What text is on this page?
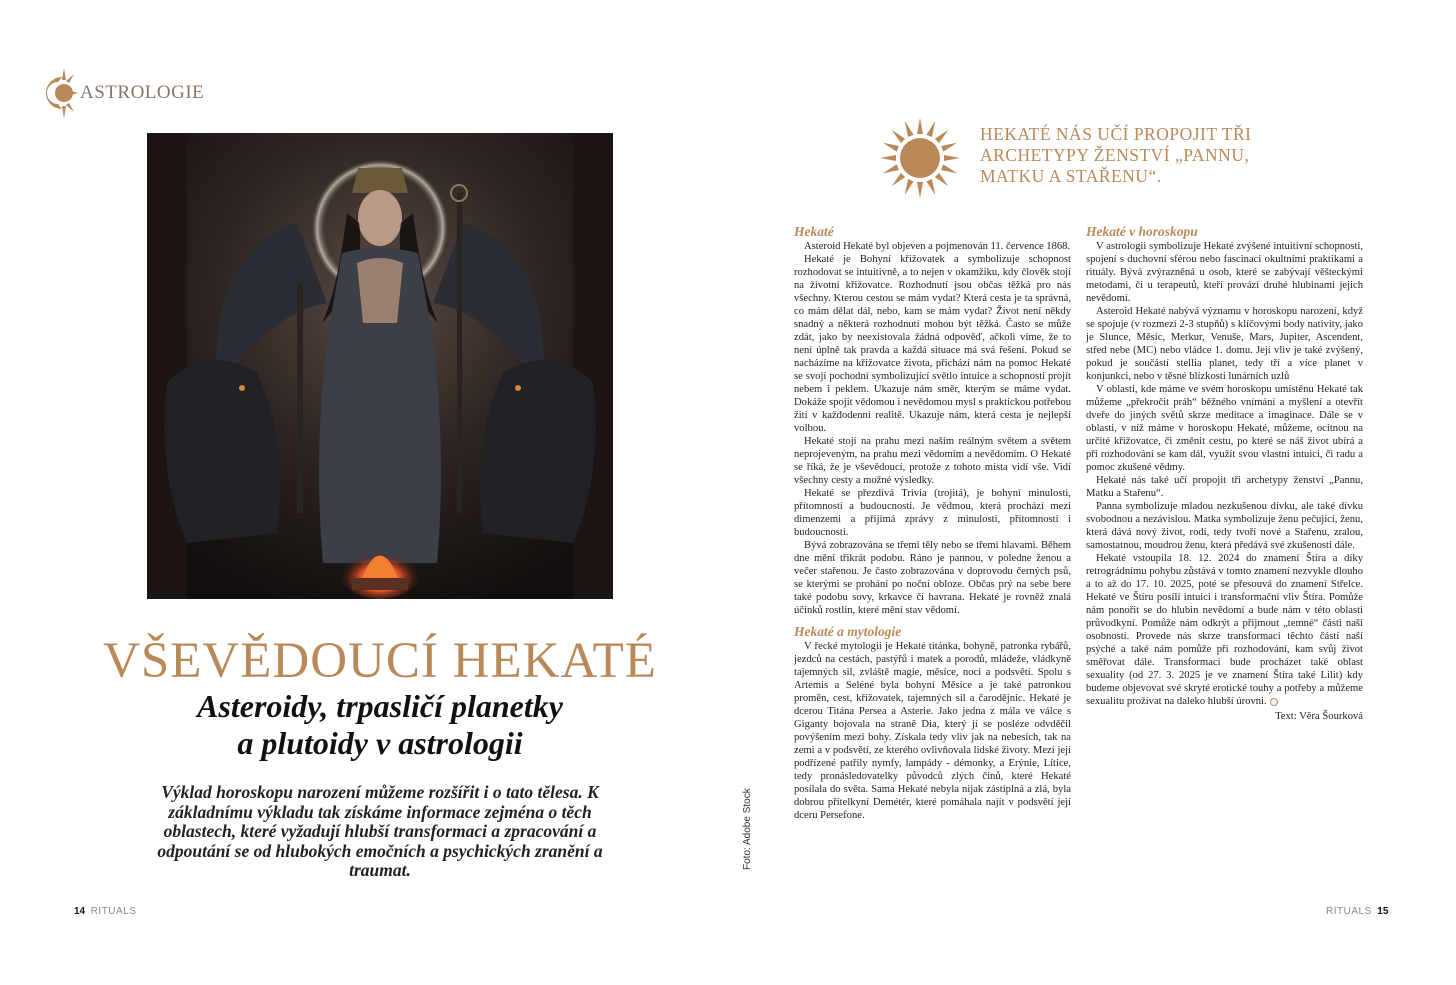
ASTROLOGIE
VŠEVĚDOUCÍ HEKATÉ
Asteroidy, trpasličí planetky
a plutoidy v astrologii
Výklad horoskopu narození můžeme rozšířit i o tato tělesa. K základnímu výkladu tak získáme informace zejména o těch oblastech, které vyžadují hlubší transformaci a zpracování a odpoutání se od hlubokých emočních a psychických zranění a traumat.	Foto: Adobe Stock
14 RITUALS
HEKATÉ NÁS UČÍ PROPOJIT TŘI ARCHETYPY ŽENSTVÍ „PANNU, MATKU A STAŘENU“.
Hekaté

Asteroid Hekaté byl objeven a pojmenován 11. července 1868.

Hekaté je Bohyní křižovatek a symbolizuje schopnost rozhodovat se intuitivně, a to nejen v okamžiku, kdy člověk stojí na životní křižovatce. Rozhodnutí jsou občas těžká pro nás všechny. Kterou cestou se mám vydat? Která cesta je ta správná, co mám dělat dál, nebo, kam se mám vydat? Život není někdy snadný a některá rozhodnutí mohou být těžká. Často se může zdát, jako by neexistovala žádná odpověď, ačkoli víme, že to není úplně tak pravda a každá situace má svá řešení. Pokud se nacházíme na křižovatce života, přichází nám na pomoc Hekaté se svojí pochodní symbolizující světlo intuice a schopnosti projít nebem i peklem. Ukazuje nám směr, kterým se máme vydat. Dokáže spojit vědomou i nevědomou mysl s praktickou potřebou žití v každodenní realitě. Ukazuje nám, která cesta je nejlepší volbou.

Hekaté stojí na prahu mezi naším reálným světem a světem neprojeveným, na prahu mezi vědomím a nevědomím. O Hekaté se říká, že je vševědoucí, protože z tohoto místa vidí vše. Vidí všechny cesty a možné výsledky.

Hekaté se přezdívá Trivia (trojitá), je bohyní minulosti, přítomnosti a budoucnosti. Je vědmou, která prochází mezi dimenzemi a přijímá zprávy z minulosti, přítomnosti i budoucnosti.

Bývá zobrazována se třemi těly nebo se třemi hlavami. Během dne mění třikrát podobu. Ráno je pannou, v poledne ženou a večer stařenou. Je často zobrazována v doprovodu černých psů, se kterými se prohání po noční obloze. Občas prý na sebe bere také podobu sovy, krkavce či havrana. Hekaté je rovněž znalá účinků rostlin, které mění stav vědomí.

Hekaté a mytologie

V řecké mytologii je Hekaté titánka, bohyně, patronka rybářů, jezdců na cestách, pastýřů i matek a porodů, mládeže, vládkyně tajemných sil, zvláště magie, měsíce, noci a podsvětí. Spolu s Artemis a Seléné byla bohyní Měsíce a je také patronkou proměn, cest, křižovatek, tajemných sil a čarodějnic. Hekaté je dcerou Titána Persea a Asterie. Jako jedna z mála ve válce s Giganty bojovala na straně Dia, který jí se posléze odvděčil povýšením mezi bohy. Získala tedy vliv jak na nebesích, tak na zemi a v podsvětí, ze kterého ovlivňovala lidské životy. Mezi její podřízené patřily nymfy, lampády - démonky, a Erýnie, Lítice, tedy pronásledovatelky původců zlých činů, které Hekaté posílala do světa. Sama Hekaté nebyla nijak zástiplná a zlá, byla dobrou přítelkyní Demétér, které pomáhala najít v podsvětí její dceru Persefone.

Hekaté v horoskopu

V astrologii symbolizuje Hekaté zvýšené intuitivní schopnosti, spojení s duchovní sférou nebo fascinaci okultními praktikami a rituály. Bývá zvýrazněná u osob, které se zabývají věšteckými metodami, či u terapeutů, kteří provází druhé hlubinami jejich nevědomí.

Asteroid Hekaté nabývá významu v horoskopu narození, když se spojuje (v rozmezí 2-3 stupňů) s klíčovými body nativity, jako je Slunce, Měsíc, Merkur, Venuše, Mars, Jupiter, Ascendent, střed nebe (MC) nebo vládce 1. domu. Její vliv je také zvýšený, pokud je součástí stellia planet, tedy tří a více planet v konjunkci, nebo v těsné blízkosti lunárních uzlů

V oblasti, kde máme ve svém horoskopu umístěnu Hekaté tak můžeme „překročit práh“ běžného vnímání a myšlení a otevřít dveře do jiných světů skrze meditace a imaginace. Dále se v oblasti, v níž máme v horoskopu Hekaté, můžeme, ocitnou na určité křižovatce, či změnit cestu, po které se náš život ubírá a při rozhodování se kam dál, využít svou vlastní intuici, či radu a pomoc zkušené vědmy.

Hekaté nás také učí propojit tři archetypy ženství „Pannu, Matku a Stařenu“.

Panna symbolizuje mladou nezkušenou dívku, ale také dívku svobodnou a nezávislou. Matka symbolizuje ženu pečující, ženu, která dává nový život, rodí, tedy tvoří nové a Stařenu, zralou, samostatnou, moudrou ženu, která předává své zkušenosti dále.

Hekaté vstoupila 18. 12. 2024 do znamení Štíra a díky retrográdnímu pohybu zůstává v tomto znamení nezvykle dlouho a to až do 17. 10. 2025, poté se přesouvá do znamení Střelce. Hekaté ve Štíru posílí intuici i transformační vliv Štíra. Pomůže nám ponořit se do hlubin nevědomí a bude nám v této oblasti průvodkyní. Pomůže nám odkrýt a přijmout „temné“ části naší osobnosti. Provede nás skrze transformaci těchto částí naší psýché a také nám pomůže při rozhodování, kam svůj život směřovat dále. Transformaci bude procházet také oblast sexuality (od 27. 3. 2025 je ve znamení Štíra také Lilit) kdy budeme objevovat své skryté erotické touhy a potřeby a můžeme sexualitu prožívat na daleko hlubší úrovni.

Text: Věra Šourková
RITUALS 15
